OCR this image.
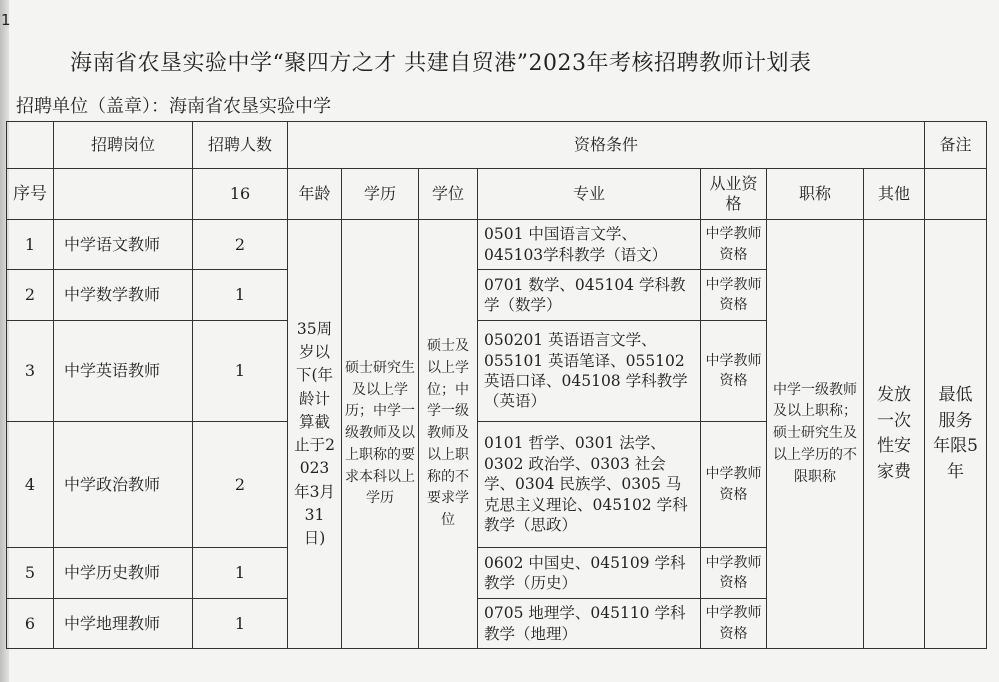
1
海南省农垦实验中学“聚四方之才 共建自贸港”2023年考核招聘教师计划表
招聘单位（盖章）：海南省农垦实验中学
	招聘岗位	招聘人数	资格条件							备注
序号		16	年龄	学历	学位	专业	从业资格	职称	其他	
1	中学语文教师	2	35周岁以下(年龄计算截止于2023年3月31日)	硕士研究生及以上学历；中学一级教师及以上职称的要求本科以上学历	硕士及以上学位；中学一级教师及以上职称的不要求学位	0501 中国语言文学、045103学科教学（语文）	中学教师资格	中学一级教师及以上职称；硕士研究生及以上学历的不限职称	发放一次性安家费	最低服务年限5年
2	中学数学教师	1				0701 数学、045104 学科教学（数学）	中学教师资格			
3	中学英语教师	1				050201 英语语言文学、055101 英语笔译、055102 英语口译、045108 学科教学（英语）	中学教师资格			
4	中学政治教师	2				0101 哲学、0301 法学、0302 政治学、0303 社会学、0304 民族学、0305 马克思主义理论、045102 学科教学（思政）	中学教师资格			
5	中学历史教师	1				0602 中国史、045109 学科教学（历史）	中学教师资格			
6	中学地理教师	1				0705 地理学、045110 学科教学（地理）	中学教师资格			
